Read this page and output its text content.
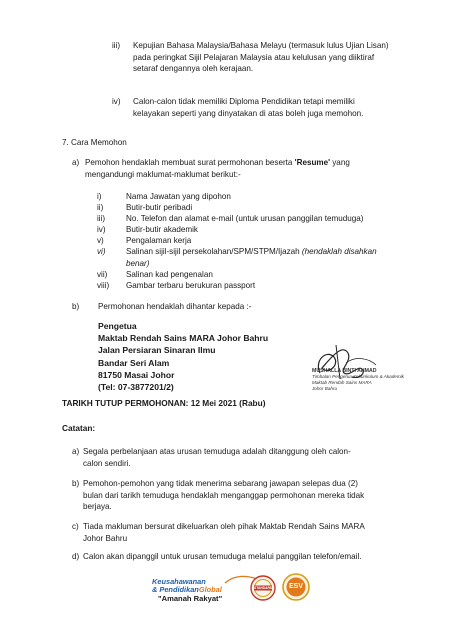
iii) Kepujian Bahasa Malaysia/Bahasa Melayu (termasuk lulus Ujian Lisan)
pada peringkat Sijil Pelajaran Malaysia atau kelulusan yang diiktiraf
setaraf dengannya oleh kerajaan.
iv) Calon-calon tidak memiliki Diploma Pendidikan tetapi memiliki
kelayakan seperti yang dinyatakan di atas boleh juga memohon.
7. Cara Memohon
a) Pemohon hendaklah membuat surat permohonan beserta 'Resume' yang
mengandungi maklumat-maklumat berikut:-
i)	Nama Jawatan yang dipohon
ii)	Butir-butir peribadi
iii)	No. Telefon dan alamat e-mail (untuk urusan panggilan temuduga)
iv)	Butir-butir akademik
v)	Pengalaman kerja
vi)	Salinan sijil-sijil persekolahan/SPM/STPM/Ijazah (hendaklah disahkan
benar)
vii) Salinan kad pengenalan
viii) Gambar terbaru berukuran passport
b) Permohonan hendaklah dihantar kepada :-
Pengetua
Maktab Rendah Sains MARA Johor Bahru
Jalan Persiaran Sinaran Ilmu
Bandar Seri Alam
81750 Masai Johor
(Tel: 07-3877201/2)
MUSHALLA BINTI AHMAD
Timbalan Pengetua Kokurikulum & Akademik
Maktab Rendah Sains MARA
Johor Bahru
TARIKH TUTUP PERMOHONAN: 12 Mei 2021 (Rabu)
Catatan:
a) Segala perbelanjaan atas urusan temuduga adalah ditanggung oleh calon-
calon sendiri.
b) Pemohon-pemohon yang tidak menerima sebarang jawapan selepas dua (2)
bulan dari tarikh temuduga hendaklah menganggap permohonan mereka tidak
berjaya.
c) Tiada makluman bersurat dikeluarkan oleh pihak Maktab Rendah Sains MARA
Johor Bahru
d) Calon akan dipanggil untuk urusan temuduga melalui panggilan telefon/email.
Keusahawanan
& PendidikanGlobal
"Amanah Rakyat"
STANDARD	ESV
